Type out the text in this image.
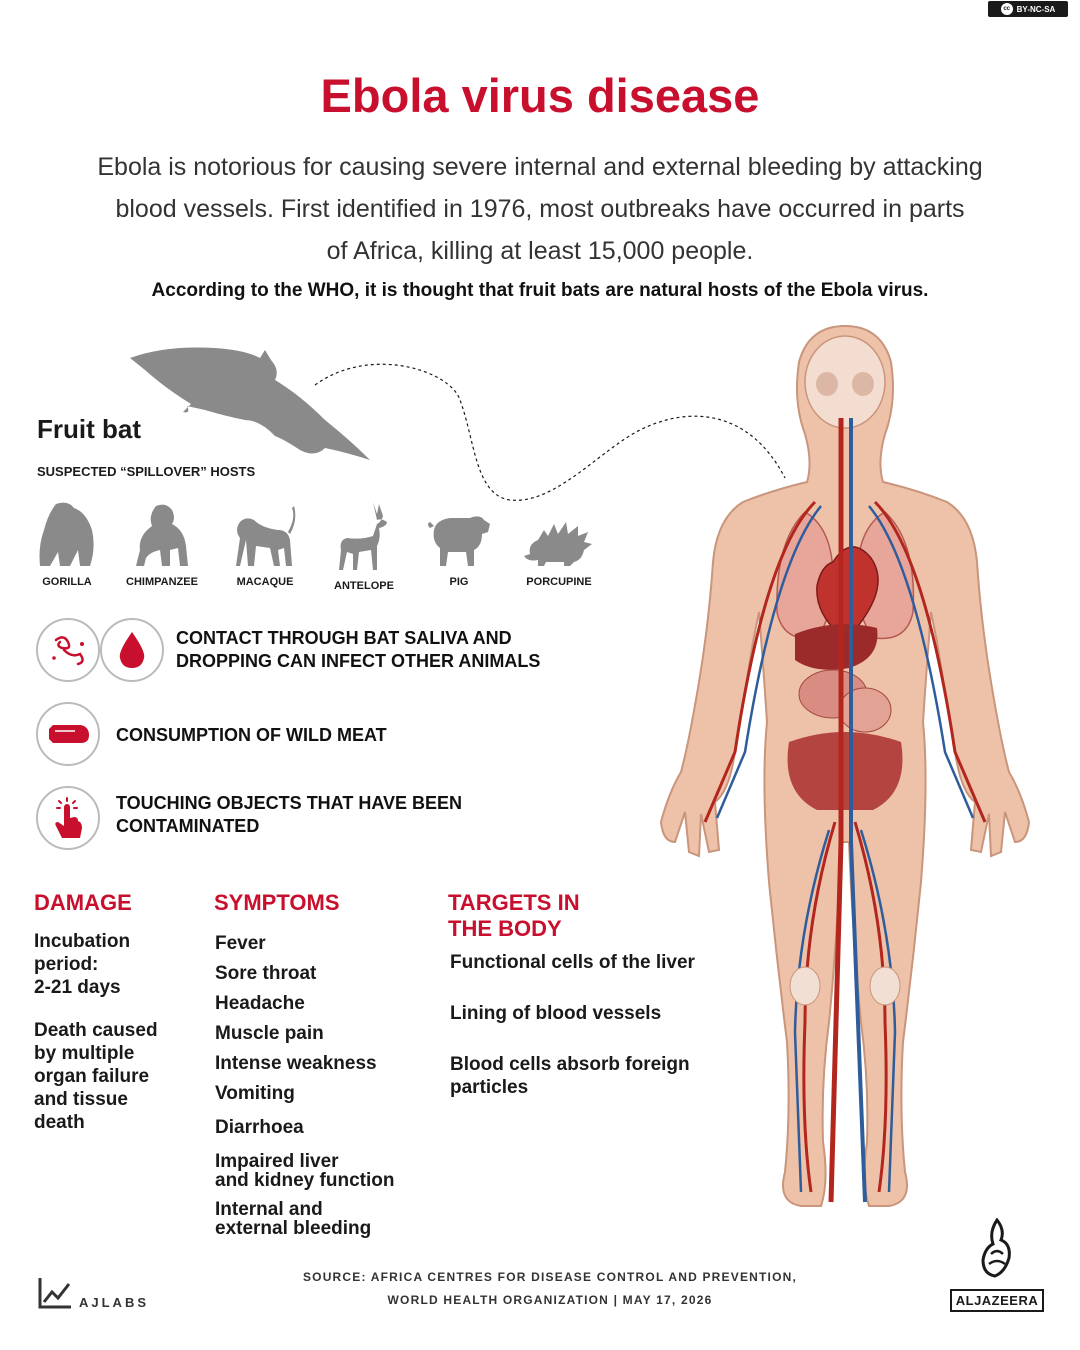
cc BY-NC-SA
Ebola virus disease
Ebola is notorious for causing severe internal and external bleeding by attacking
blood vessels. First identified in 1976, most outbreaks have occurred in parts
of Africa, killing at least 15,000 people.
According to the WHO, it is thought that fruit bats are natural hosts of the Ebola virus.
Fruit bat
SUSPECTED “SPILLOVER” HOSTS
GORILLA	CHIMPANZEE	MACAQUE	ANTELOPE	PIG	PORCUPINE
CONTACT THROUGH BAT SALIVA AND
DROPPING CAN INFECT OTHER ANIMALS
CONSUMPTION OF WILD MEAT
TOUCHING OBJECTS THAT HAVE BEEN
CONTAMINATED
DAMAGE
Incubation
period:
2-21 days
Death caused
by multiple
organ failure
and tissue
death
SYMPTOMS
Fever
Sore throat
Headache
Muscle pain
Intense weakness
Vomiting
Diarrhoea
Impaired liver
and kidney function
Internal and
external bleeding
TARGETS IN
THE BODY
Functional cells of the liver
Lining of blood vessels
Blood cells absorb foreign
particles
SOURCE: AFRICA CENTRES FOR DISEASE CONTROL AND PREVENTION,
WORLD HEALTH ORGANIZATION | MAY 17, 2026
AJLABS	ALJAZEERA
